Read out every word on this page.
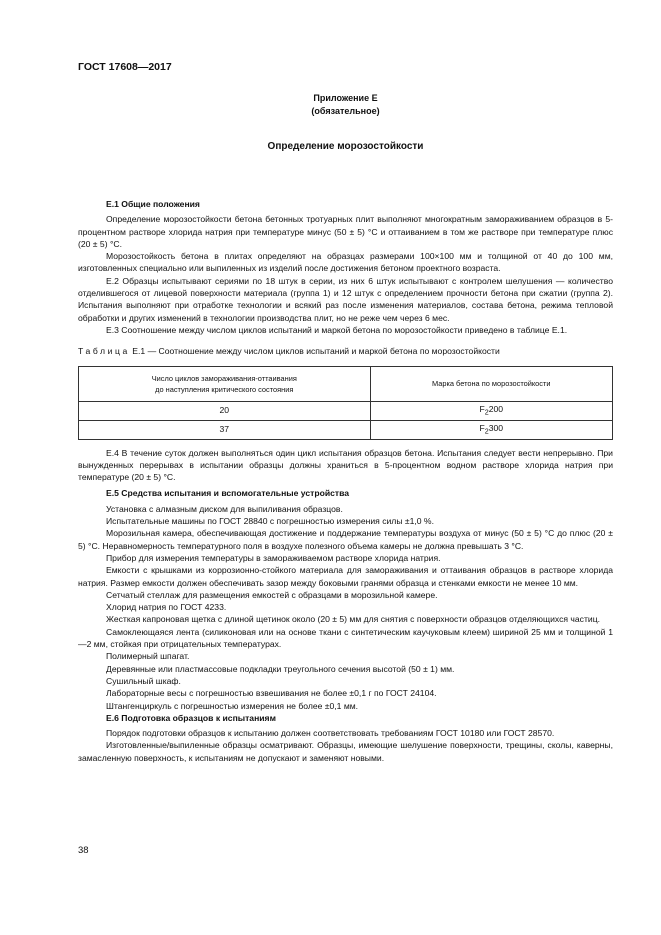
ГОСТ 17608—2017
Приложение Е
(обязательное)
Определение морозостойкости
Е.1 Общие положения

Определение морозостойкости бетона бетонных тротуарных плит выполняют многократным замораживанием образцов в 5-процентном растворе хлорида натрия при температуре минус (50 ± 5) °С и оттаиванием в том же растворе при температуре плюс (20 ± 5) °С.

Морозостойкость бетона в плитах определяют на образцах размерами 100×100 мм и толщиной от 40 до 100 мм, изготовленных специально или выпиленных из изделий после достижения бетоном проектного возраста.

Е.2 Образцы испытывают сериями по 18 штук в серии, из них 6 штук испытывают с контролем шелушения — количество отделившегося от лицевой поверхности материала (группа 1) и 12 штук с определением прочности бетона при сжатии (группа 2). Испытания выполняют при отработке технологии и всякий раз после изменения материалов, состава бетона, режима тепловой обработки и других изменений в технологии производства плит, но не реже чем через 6 мес.

Е.3 Соотношение между числом циклов испытаний и маркой бетона по морозостойкости приведено в таблице Е.1.

Таблица Е.1 — Соотношение между числом циклов испытаний и маркой бетона по морозостойкости

Число циклов замораживания-оттаивания
до наступления критического состояния	Марка бетона по морозостойкости
20	$F_2200$
37	$F_2300$

Е.4 В течение суток должен выполняться один цикл испытания образцов бетона. Испытания следует вести непрерывно. При вынужденных перерывах в испытании образцы должны храниться в 5-процентном водном растворе хлорида натрия при температуре (20 ± 5) °С.

Е.5 Средства испытания и вспомогательные устройства

Установка с алмазным диском для выпиливания образцов.

Испытательные машины по ГОСТ 28840 с погрешностью измерения силы ±1,0 %.

Морозильная камера, обеспечивающая достижение и поддержание температуры воздуха от минус (50 ± 5) °С до плюс (20 ± 5) °С. Неравномерность температурного поля в воздухе полезного объема камеры не должна превышать 3 °С.

Прибор для измерения температуры в замораживаемом растворе хлорида натрия.

Емкости с крышками из коррозионно-стойкого материала для замораживания и оттаивания образцов в растворе хлорида натрия. Размер емкости должен обеспечивать зазор между боковыми гранями образца и стенками емкости не менее 10 мм.

Сетчатый стеллаж для размещения емкостей с образцами в морозильной камере.

Хлорид натрия по ГОСТ 4233.

Жесткая капроновая щетка с длиной щетинок около (20 ± 5) мм для снятия с поверхности образцов отделяющихся частиц.

Самоклеющаяся лента (силиконовая или на основе ткани с синтетическим каучуковым клеем) шириной 25 мм и толщиной 1—2 мм, стойкая при отрицательных температурах.

Полимерный шпагат.

Деревянные или пластмассовые подкладки треугольного сечения высотой (50 ± 1) мм.

Сушильный шкаф.

Лабораторные весы с погрешностью взвешивания не более ±0,1 г по ГОСТ 24104.

Штангенциркуль с погрешностью измерения не более ±0,1 мм.

Е.6 Подготовка образцов к испытаниям

Порядок подготовки образцов к испытанию должен соответствовать требованиям ГОСТ 10180 или ГОСТ 28570.

Изготовленные/выпиленные образцы осматривают. Образцы, имеющие шелушение поверхности, трещины, сколы, каверны, замасленную поверхность, к испытаниям не допускают и заменяют новыми.

38
